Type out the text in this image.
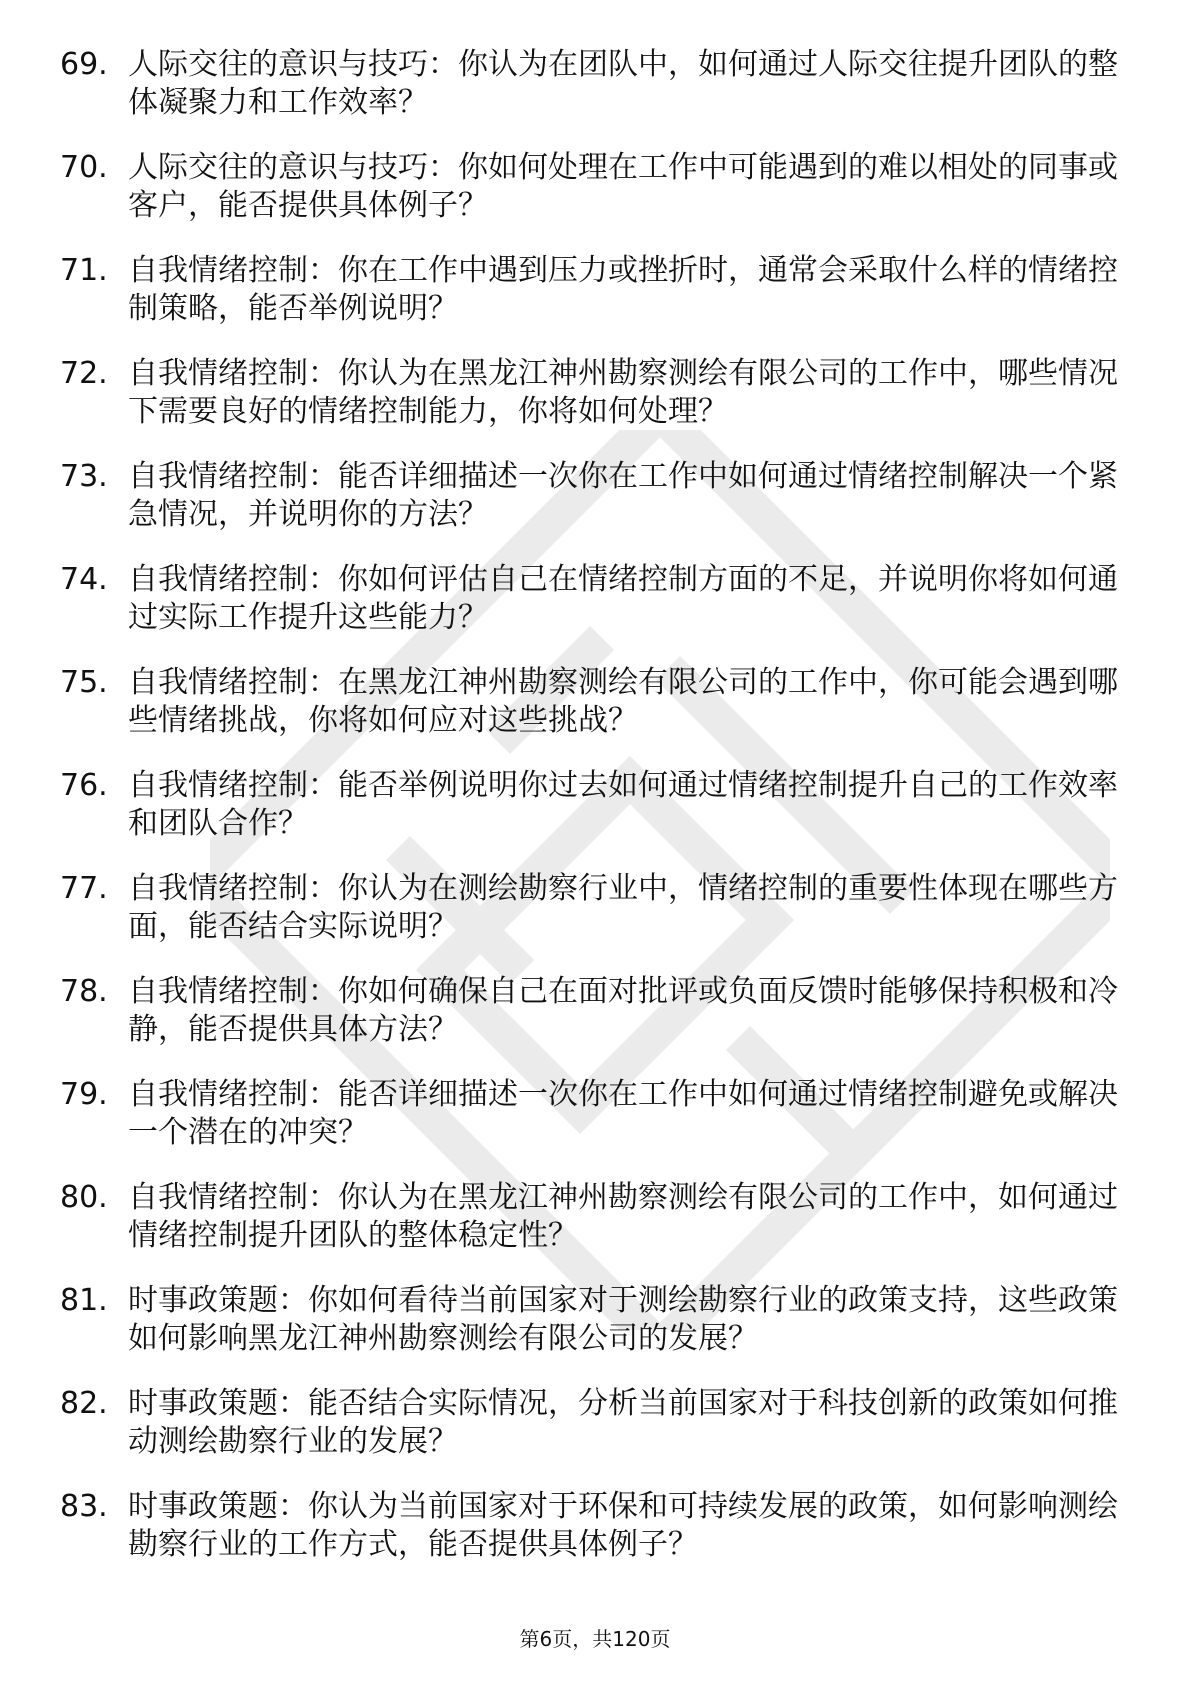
69. 人际交往的意识与技巧：你认为在团队中，如何通过人际交往提升团队的整体凝聚力和工作效率？
70. 人际交往的意识与技巧：你如何处理在工作中可能遇到的难以相处的同事或客户，能否提供具体例子？
71. 自我情绪控制：你在工作中遇到压力或挫折时，通常会采取什么样的情绪控制策略，能否举例说明？
72. 自我情绪控制：你认为在黑龙江神州勘察测绘有限公司的工作中，哪些情况下需要良好的情绪控制能力，你将如何处理？
73. 自我情绪控制：能否详细描述一次你在工作中如何通过情绪控制解决一个紧急情况，并说明你的方法？
74. 自我情绪控制：你如何评估自己在情绪控制方面的不足，并说明你将如何通过实际工作提升这些能力？
75. 自我情绪控制：在黑龙江神州勘察测绘有限公司的工作中，你可能会遇到哪些情绪挑战，你将如何应对这些挑战？
76. 自我情绪控制：能否举例说明你过去如何通过情绪控制提升自己的工作效率和团队合作？
77. 自我情绪控制：你认为在测绘勘察行业中，情绪控制的重要性体现在哪些方面，能否结合实际说明？
78. 自我情绪控制：你如何确保自己在面对批评或负面反馈时能够保持积极和冷静，能否提供具体方法？
79. 自我情绪控制：能否详细描述一次你在工作中如何通过情绪控制避免或解决一个潜在的冲突？
80. 自我情绪控制：你认为在黑龙江神州勘察测绘有限公司的工作中，如何通过情绪控制提升团队的整体稳定性？
81. 时事政策题：你如何看待当前国家对于测绘勘察行业的政策支持，这些政策如何影响黑龙江神州勘察测绘有限公司的发展？
82. 时事政策题：能否结合实际情况，分析当前国家对于科技创新的政策如何推动测绘勘察行业的发展？
83. 时事政策题：你认为当前国家对于环保和可持续发展的政策，如何影响测绘勘察行业的工作方式，能否提供具体例子？
第6页，共120页
